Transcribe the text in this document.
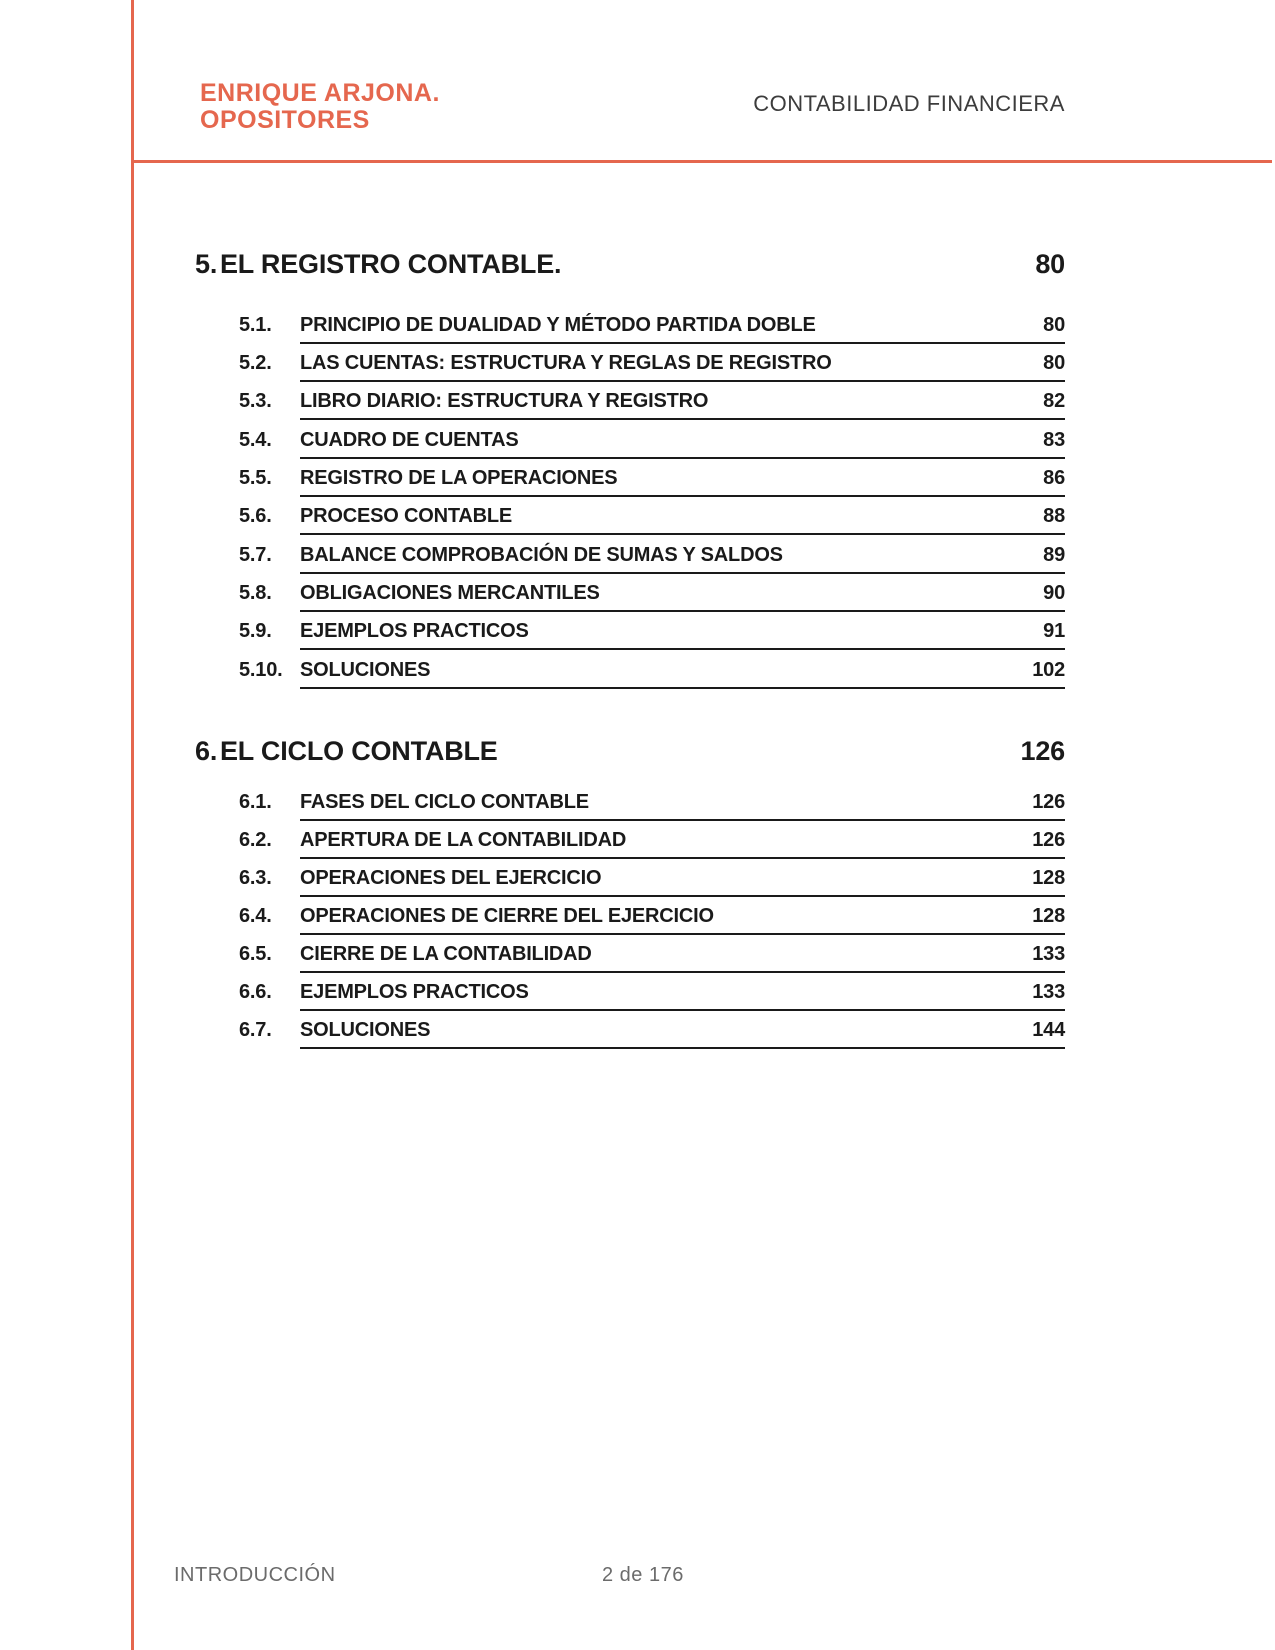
ENRIQUE ARJONA.
OPOSITORES
CONTABILIDAD FINANCIERA
5. EL REGISTRO CONTABLE.	80
5.1.	PRINCIPIO DE DUALIDAD Y MÉTODO PARTIDA DOBLE	80
5.2.	LAS CUENTAS: ESTRUCTURA Y REGLAS DE REGISTRO	80
5.3.	LIBRO DIARIO: ESTRUCTURA Y REGISTRO	82
5.4.	CUADRO DE CUENTAS	83
5.5.	REGISTRO DE LA OPERACIONES	86
5.6.	PROCESO CONTABLE	88
5.7.	BALANCE COMPROBACIÓN DE SUMAS Y SALDOS	89
5.8.	OBLIGACIONES MERCANTILES	90
5.9.	EJEMPLOS PRACTICOS	91
5.10. SOLUCIONES	102
6. EL CICLO CONTABLE	126
6.1.	FASES DEL CICLO CONTABLE	126
6.2.	APERTURA DE LA CONTABILIDAD	126
6.3.	OPERACIONES DEL EJERCICIO	128
6.4.	OPERACIONES DE CIERRE DEL EJERCICIO	128
6.5.	CIERRE DE LA CONTABILIDAD	133
6.6.	EJEMPLOS PRACTICOS	133
6.7.	SOLUCIONES	144
INTRODUCCIÓN	2 de 176
